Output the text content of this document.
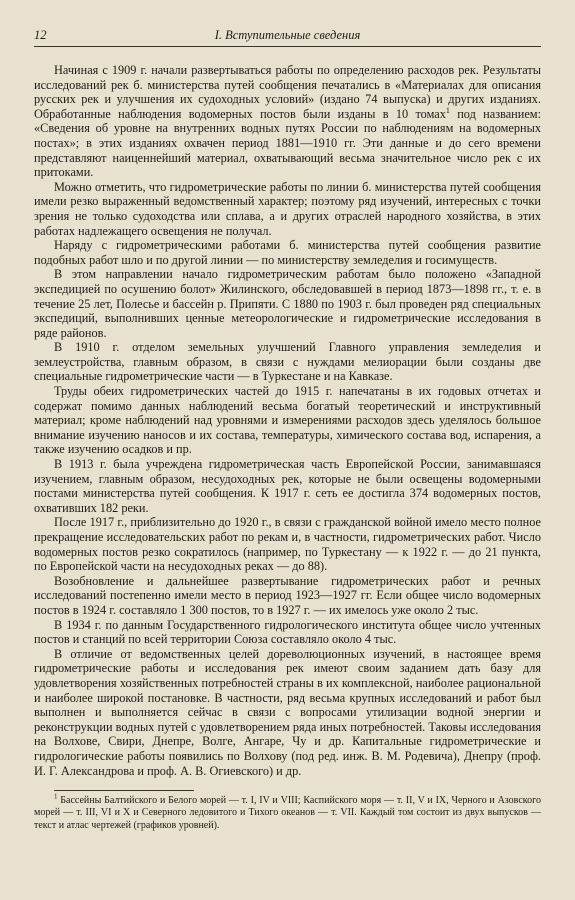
12	I. Вступительные сведения

Начиная с 1909 г. начали развертываться работы по определению расходов рек. Результаты исследований рек б. министерства путей сообщения печатались в «Материалах для описания русских рек и улучшения их судоходных условий» (издано 74 выпуска) и других изданиях. Обработанные наблюдения водомерных постов были изданы в 10 томах$^1$ под названием: «Сведения об уровне на внутренних водных путях России по наблюдениям на водомерных постах»; в этих изданиях охвачен период 1881—1910 гг. Эти данные и до сего времени представляют наиценнейший материал, охватывающий весьма значительное число рек с их притоками.

Можно отметить, что гидрометрические работы по линии б. министерства путей сообщения имели резко выраженный ведомственный характер; поэтому ряд изучений, интересных с точки зрения не только судоходства или сплава, а и других отраслей народного хозяйства, в этих работах надлежащего освещения не получал.

Наряду с гидрометрическими работами б. министерства путей сообщения развитие подобных работ шло и по другой линии — по министерству земледелия и госимуществ.

В этом направлении начало гидрометрическим работам было положено «Западной экспедицией по осушению болот» Жилинского, обследовавшей в период 1873—1898 гг., т. е. в течение 25 лет, Полесье и бассейн р. Припяти. С 1880 по 1903 г. был проведен ряд специальных экспедиций, выполнивших ценные метеорологические и гидрометрические исследования в ряде районов.

В 1910 г. отделом земельных улучшений Главного управления земледелия и землеустройства, главным образом, в связи с нуждами мелиорации были созданы две специальные гидрометрические части — в Туркестане и на Кавказе.

Труды обеих гидрометрических частей до 1915 г. напечатаны в их годовых отчетах и содержат помимо данных наблюдений весьма богатый теоретический и инструктивный материал; кроме наблюдений над уровнями и измерениями расходов здесь уделялось большое внимание изучению наносов и их состава, температуры, химического состава вод, испарения, а также изучению осадков и пр.

В 1913 г. была учреждена гидрометрическая часть Европейской России, занимавшаяся изучением, главным образом, несудоходных рек, которые не были освещены водомерными постами министерства путей сообщения. К 1917 г. сеть ее достигла 374 водомерных постов, охвативших 182 реки.

После 1917 г., приблизительно до 1920 г., в связи с гражданской войной имело место полное прекращение исследовательских работ по рекам и, в частности, гидрометрических работ. Число водомерных постов резко сократилось (например, по Туркестану — к 1922 г. — до 21 пункта, по Европейской части на несудоходных реках — до 88).

Возобновление и дальнейшее развертывание гидрометрических работ и речных исследований постепенно имели место в период 1923—1927 гг. Если общее число водомерных постов в 1924 г. составляло 1 300 постов, то в 1927 г. — их имелось уже около 2 тыс.

В 1934 г. по данным Государственного гидрологического института общее число учтенных постов и станций по всей территории Союза составляло около 4 тыс.

В отличие от ведомственных целей дореволюционных изучений, в настоящее время гидрометрические работы и исследования рек имеют своим заданием дать базу для удовлетворения хозяйственных потребностей страны в их комплексной, наиболее рациональной и наиболее широкой постановке. В частности, ряд весьма крупных исследований и работ был выполнен и выполняется сейчас в связи с вопросами утилизации водной энергии и реконструкции водных путей с удовлетворением ряда иных потребностей. Таковы исследования на Волхове, Свири, Днепре, Волге, Ангаре, Чу и др. Капитальные гидрометрические и гидрологические работы появились по Волхову (под ред. инж. В. М. Родевича), Днепру (проф. И. Г. Александрова и проф. А. В. Огиевского) и др.

$^1$ Бассейны Балтийского и Белого морей — т. I, IV и VIII; Каспийского моря — т. II, V и IX, Черного и Азовского морей — т. III, VI и X и Северного ледовитого и Тихого океанов — т. VII. Каждый том состоит из двух выпусков — текст и атлас чертежей (графиков уровней).
